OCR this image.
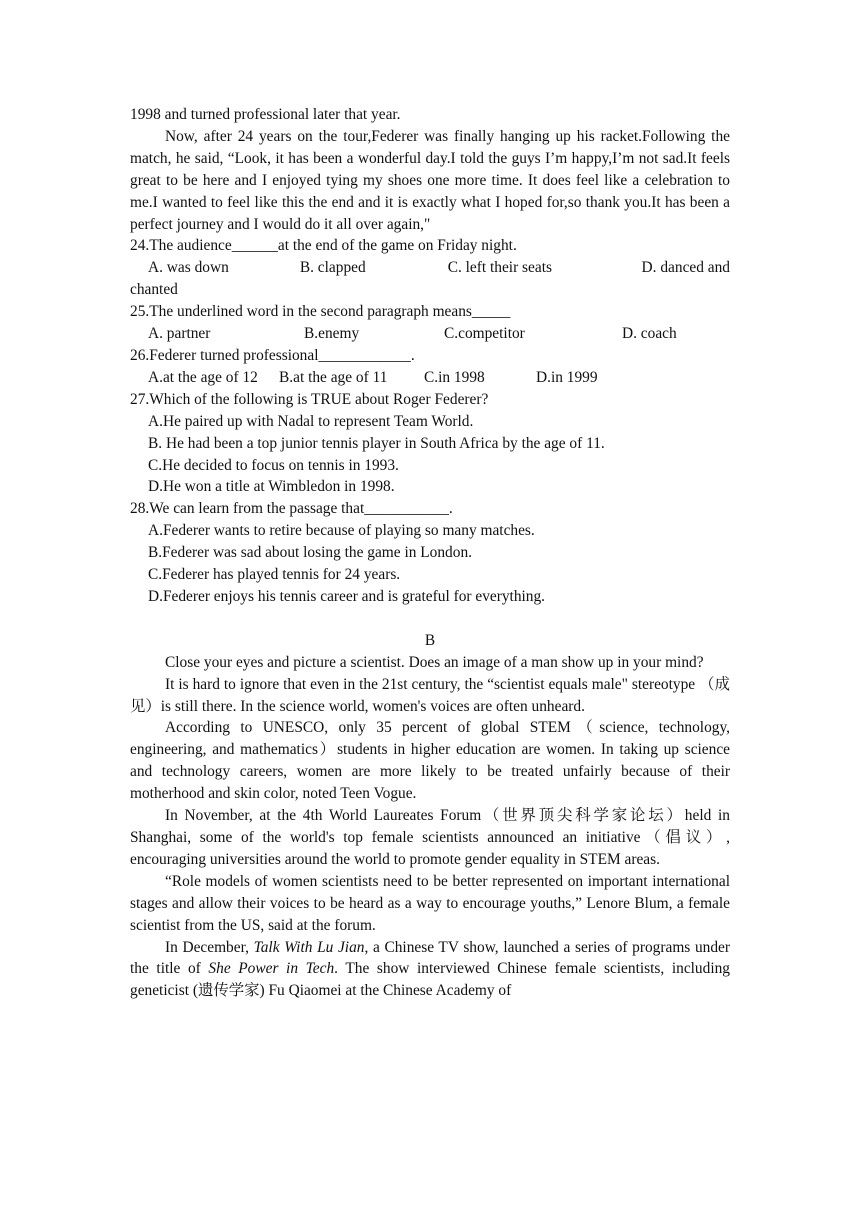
1998 and turned professional later that year.

Now, after 24 years on the tour,Federer was finally hanging up his racket.Following the match, he said, “Look, it has been a wonderful day.I told the guys I’m happy,I’m not sad.It feels great to be here and I enjoyed tying my shoes one more time. It does feel like a celebration to me.I wanted to feel like this the end and it is exactly what I hoped for,so thank you.It has been a perfect journey and I would do it all over again,"

24.The audience______at the end of the game on Friday night.

A. was down	B. clapped	C. left their seats	D. danced and

chanted

25.The underlined word in the second paragraph means_____

A. partner	B.enemy	C.competitor	D. coach

26.Federer turned professional____________.

A.at the age of 12	B.at the age of 11	C.in 1998	D.in 1999

27.Which of the following is TRUE about Roger Federer?

A.He paired up with Nadal to represent Team World.

B. He had been a top junior tennis player in South Africa by the age of 11.

C.He decided to focus on tennis in 1993.

D.He won a title at Wimbledon in 1998.

28.We can learn from the passage that___________.

A.Federer wants to retire because of playing so many matches.

B.Federer was sad about losing the game in London.

C.Federer has played tennis for 24 years.

D.Federer enjoys his tennis career and is grateful for everything.

B

Close your eyes and picture a scientist. Does an image of a man show up in your mind?

It is hard to ignore that even in the 21st century, the “scientist equals male" stereotype （成见）is still there. In the science world, women's voices are often unheard.

According to UNESCO, only 35 percent of global STEM（science, technology, engineering, and mathematics）students in higher education are women. In taking up science and technology careers, women are more likely to be treated unfairly because of their motherhood and skin color, noted Teen Vogue.

In November, at the 4th World Laureates Forum（世界顶尖科学家论坛）held in Shanghai, some of the world's top female scientists announced an initiative（倡议）, encouraging universities around the world to promote gender equality in STEM areas.

“Role models of women scientists need to be better represented on important international stages and allow their voices to be heard as a way to encourage youths,” Lenore Blum, a female scientist from the US, said at the forum.

In December, Talk With Lu Jian, a Chinese TV show, launched a series of programs under the title of She Power in Tech. The show interviewed Chinese female scientists, including geneticist (遗传学家) Fu Qiaomei at the Chinese Academy of
